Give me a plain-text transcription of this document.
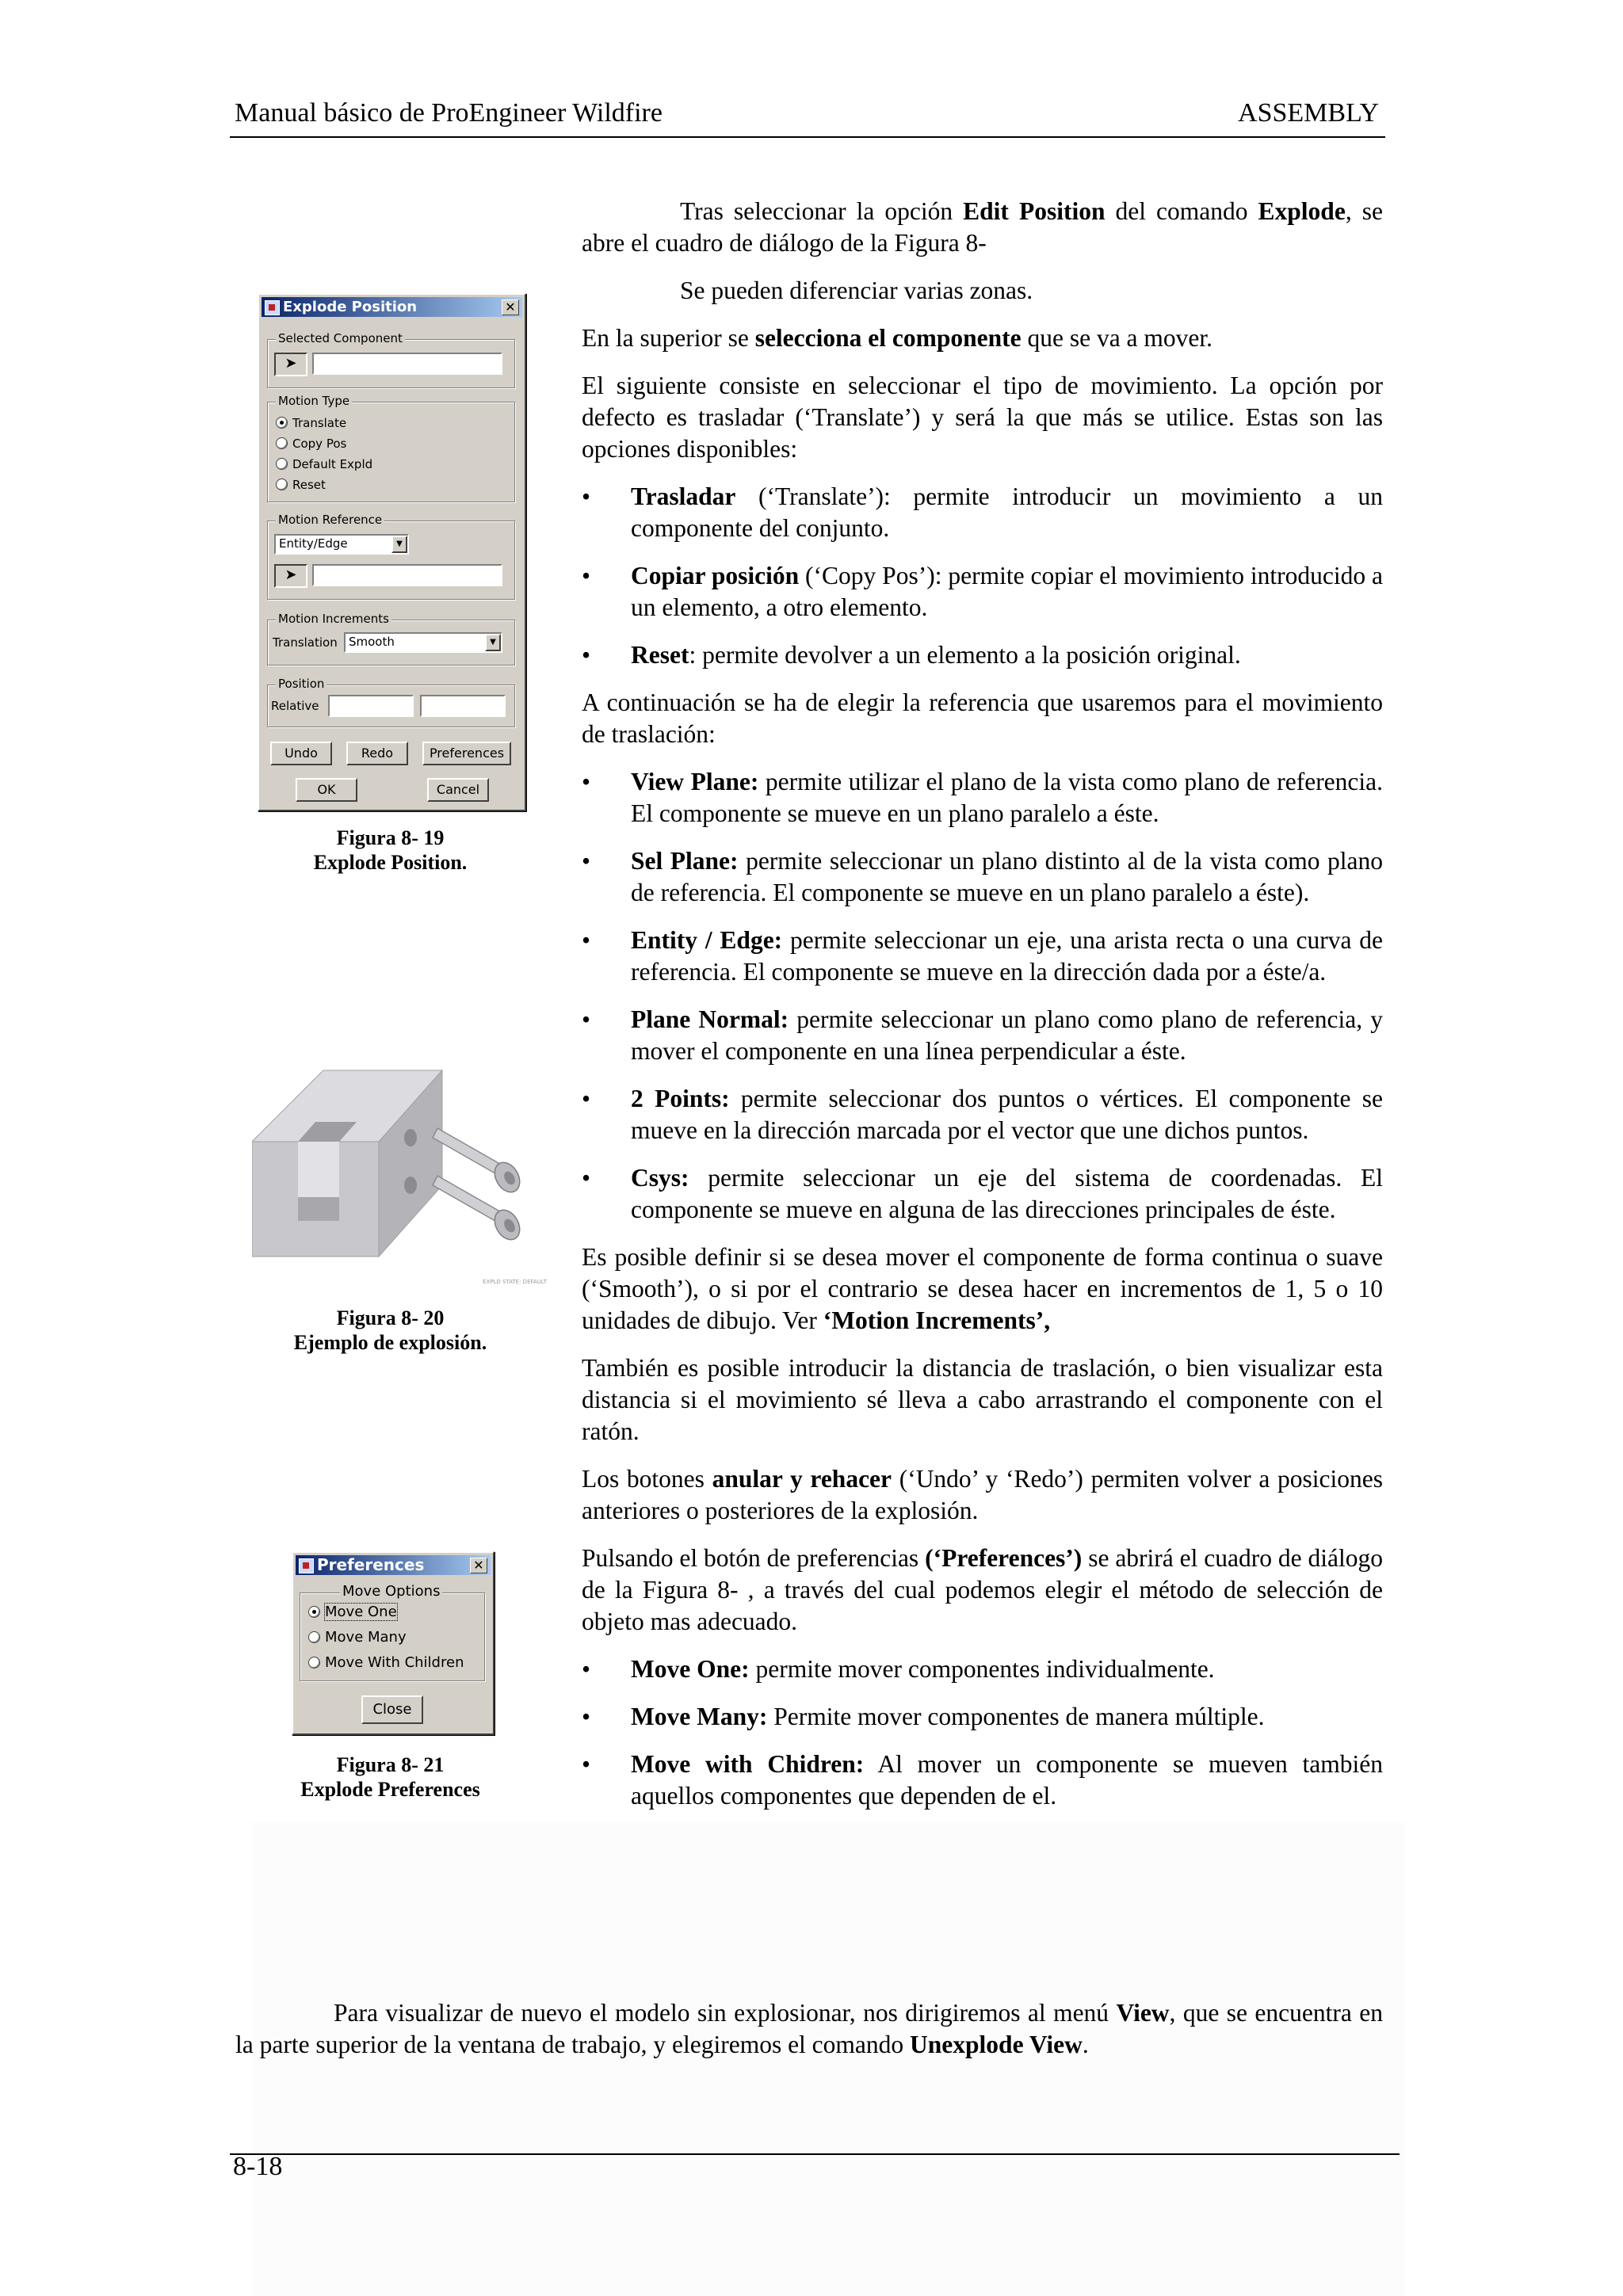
Manual básico de ProEngineer Wildfire	ASSEMBLY

Tras seleccionar la opción Edit Position del comando Explode, se abre el cuadro de diálogo de la Figura 8-

Se pueden diferenciar varias zonas.

En la superior se selecciona el componente que se va a mover.

El siguiente consiste en seleccionar el tipo de movimiento. La opción por defecto es trasladar (‘Translate’) y será la que más se utilice. Estas son las opciones disponibles:

• Trasladar (‘Translate’): permite introducir un movimiento a un componente del conjunto.
• Copiar posición (‘Copy Pos’): permite copiar el movimiento introducido a un elemento, a otro elemento.
• Reset: permite devolver a un elemento a la posición original.

A continuación se ha de elegir la referencia que usaremos para el movimiento de traslación:

• View Plane: permite utilizar el plano de la vista como plano de referencia. El componente se mueve en un plano paralelo a éste.
• Sel Plane: permite seleccionar un plano distinto al de la vista como plano de referencia. El componente se mueve en un plano paralelo a éste).
• Entity / Edge: permite seleccionar un eje, una arista recta o una curva de referencia. El componente se mueve en la dirección dada por a éste/a.
• Plane Normal: permite seleccionar un plano como plano de referencia, y mover el componente en una línea perpendicular a éste.
• 2 Points: permite seleccionar dos puntos o vértices. El componente se mueve en la dirección marcada por el vector que une dichos puntos.
• Csys: permite seleccionar un eje del sistema de coordenadas. El componente se mueve en alguna de las direcciones principales de éste.

Es posible definir si se desea mover el componente de forma continua o suave (‘Smooth’), o si por el contrario se desea hacer en incrementos de 1, 5 o 10 unidades de dibujo. Ver ‘Motion Increments’,

También es posible introducir la distancia de traslación, o bien visualizar esta distancia si el movimiento sé lleva a cabo arrastrando el componente con el ratón.

Los botones anular y rehacer (‘Undo’ y ‘Redo’) permiten volver a posiciones anteriores o posteriores de la explosión.

Pulsando el botón de preferencias (‘Preferences’) se abrirá el cuadro de diálogo de la Figura 8- , a través del cual podemos elegir el método de selección de objeto mas adecuado.

• Move One: permite mover componentes individualmente.
• Move Many: Permite mover componentes de manera múltiple.
• Move with Chidren: Al mover un componente se mueven también aquellos componentes que dependen de el.

Para visualizar de nuevo el modelo sin explosionar, nos dirigiremos al menú View, que se encuentra en la parte superior de la ventana de trabajo, y elegiremos el comando Unexplode View.

Explode Position	✕
Selected Component
➤
Motion Type
Translate
Copy Pos
Default Expld
Reset
Motion Reference
Entity/Edge	▼
➤
Motion Increments
Translation Smooth	▼
Position
Relative
Undo	Redo	Preferences
OK	Cancel
Figura 8- 19
Explode Position.
EXPLD STATE: DEFAULT
Figura 8- 20
Ejemplo de explosión.
Preferences	✕
Move Options
Move One
Move Many
Move With Children
Close
Figura 8- 21
Explode Preferences
8-18
